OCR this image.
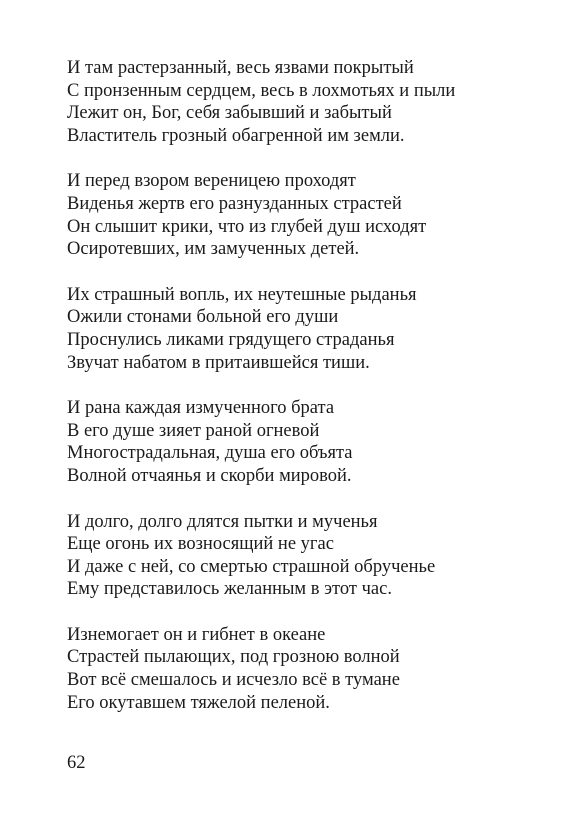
И там растерзанный, весь язвами покрытый
С пронзенным сердцем, весь в лохмотьях и пыли
Лежит он, Бог, себя забывший и забытый
Властитель грозный обагренной им земли.
И перед взором вереницею проходят
Виденья жертв его разнузданных страстей
Он слышит крики, что из глубей душ исходят
Осиротевших, им замученных детей.
Их страшный вопль, их неутешные рыданья
Ожили стонами больной его души
Проснулись ликами грядущего страданья
Звучат набатом в притаившейся тиши.
И рана каждая измученного брата
В его душе зияет раной огневой
Многострадальная, душа его объята
Волной отчаянья и скорби мировой.
И долго, долго длятся пытки и мученья
Еще огонь их возносящий не угас
И даже с ней, со смертью страшной обрученье
Ему представилось желанным в этот час.
Изнемогает он и гибнет в океане
Страстей пылающих, под грозною волной
Вот всё смешалось и исчезло всё в тумане
Его окутавшем тяжелой пеленой.
62
